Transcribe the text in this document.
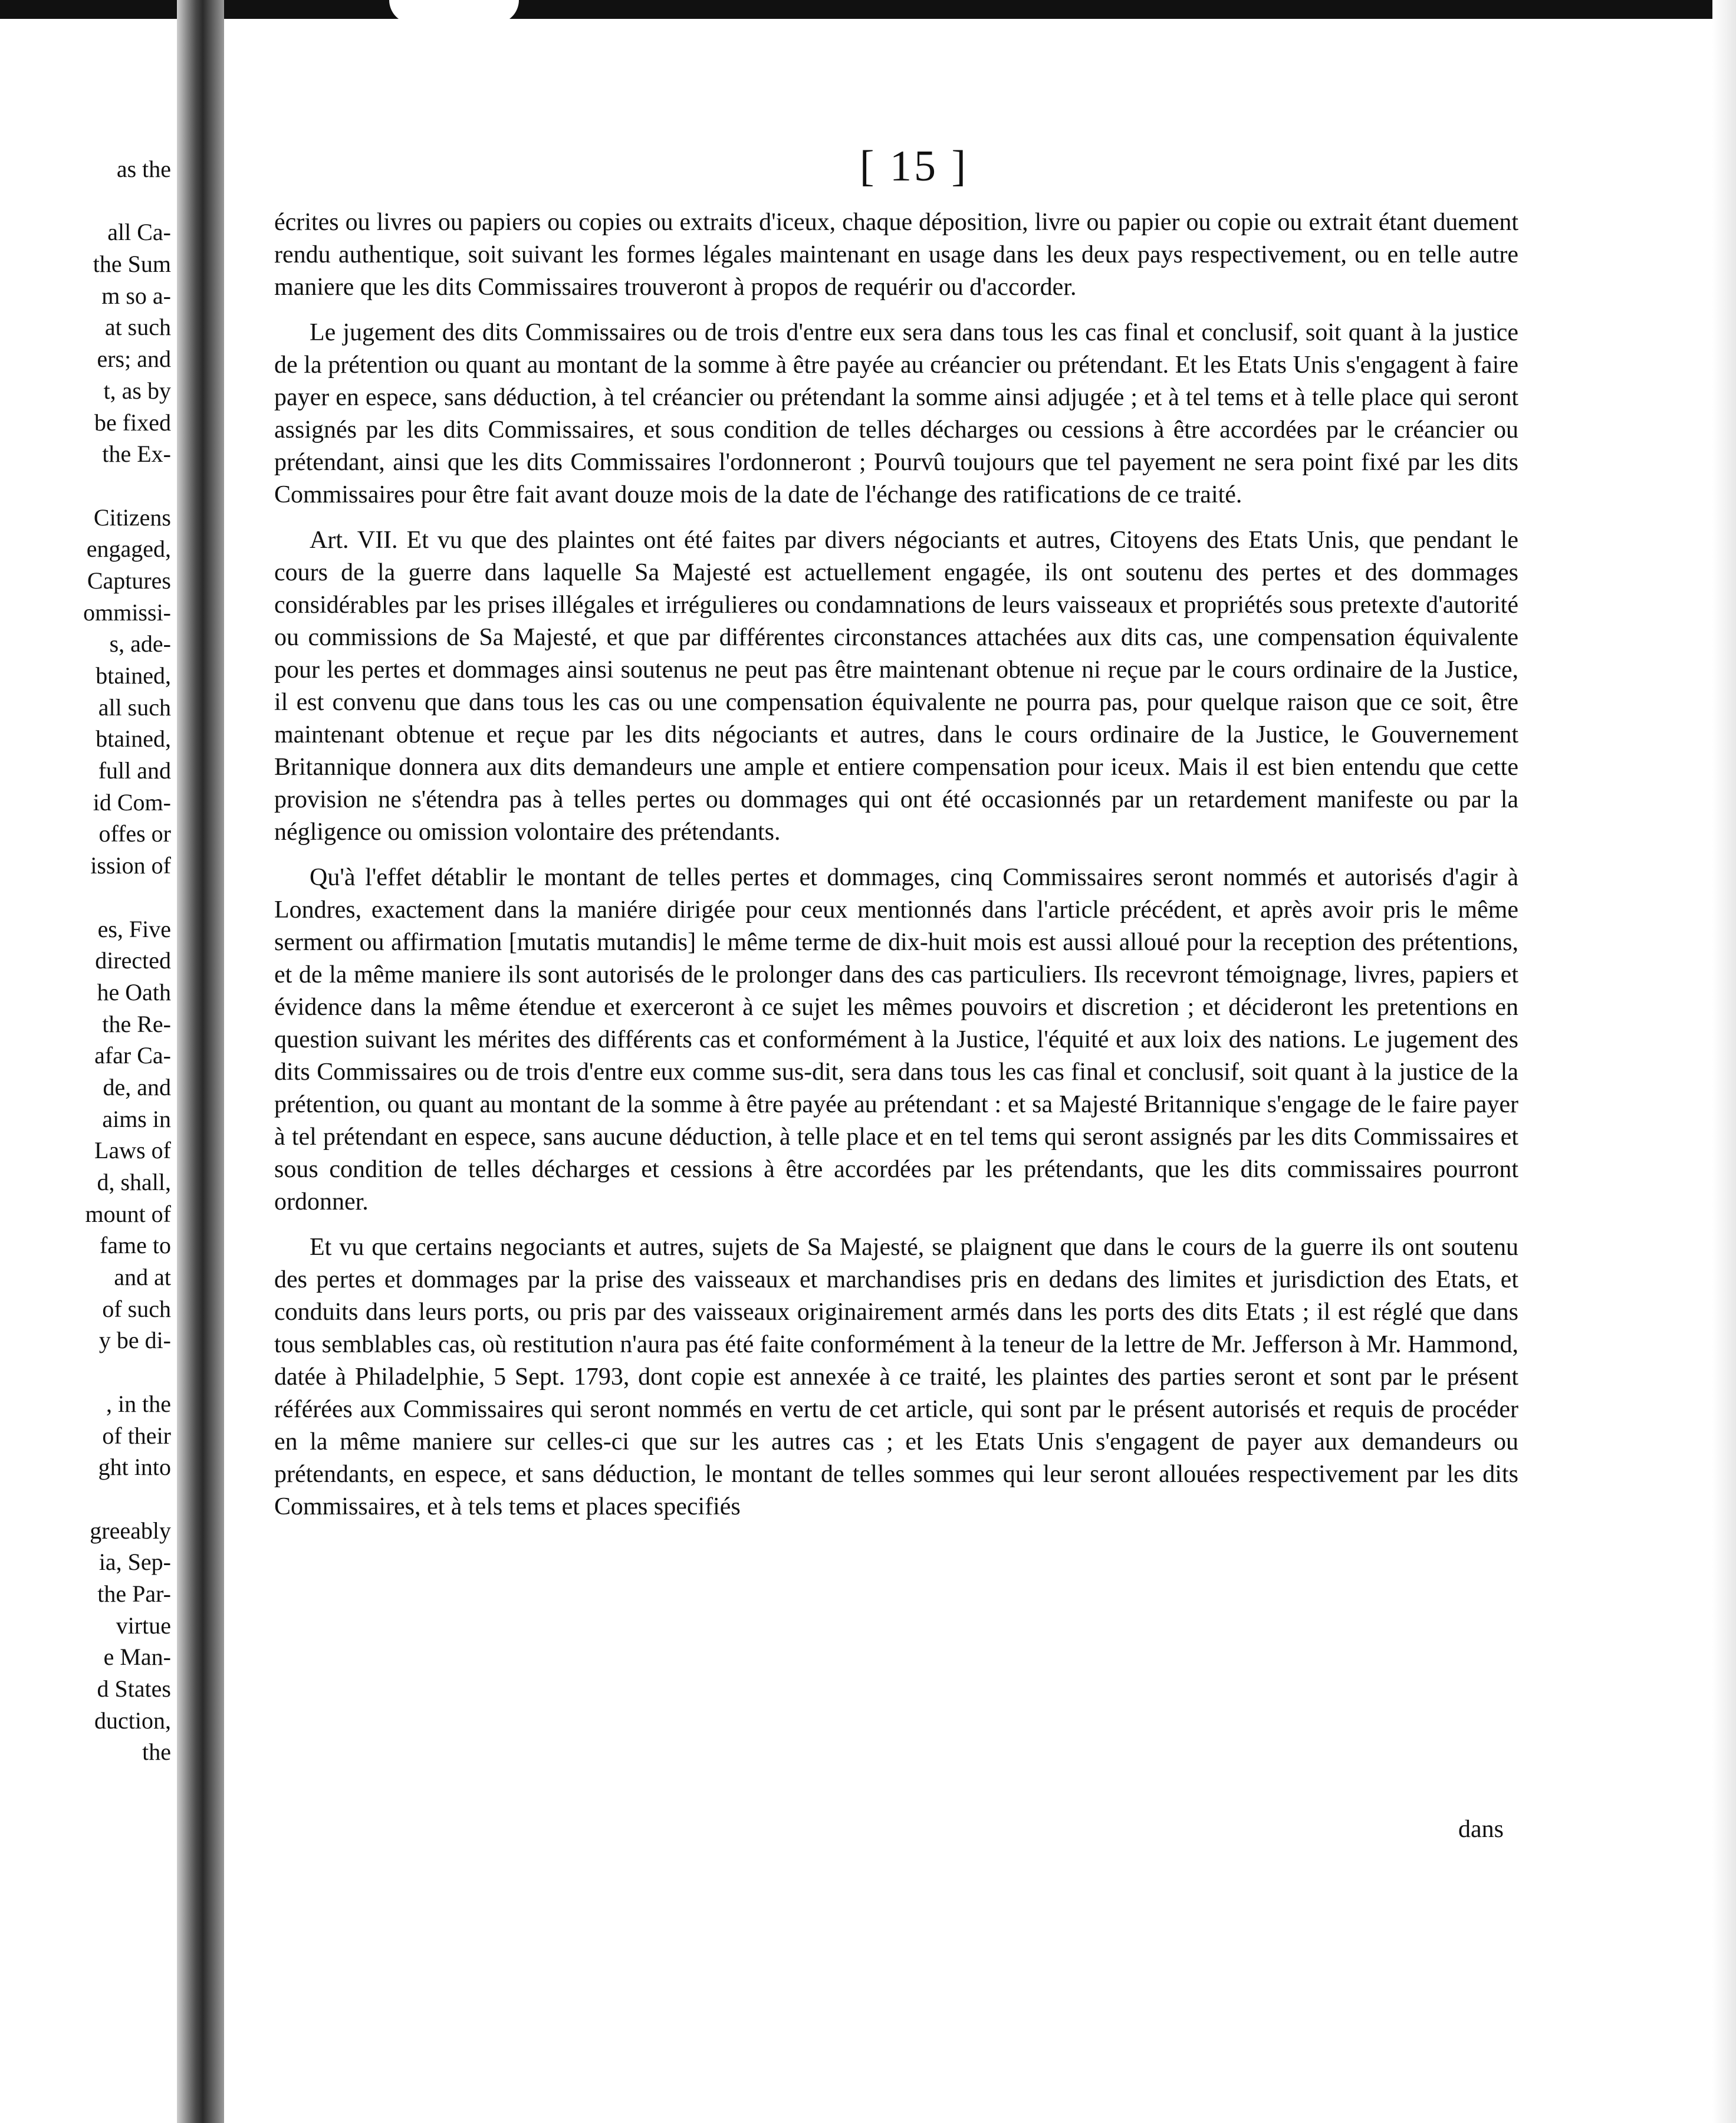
as the
all Ca-
the Sum
m so a-
at such
ers; and
t, as by
be fixed
the Ex-
Citizens
engaged,
Captures
ommissi-
s, ade-
btained,
all such
btained,
full and
id Com-
offes or
ission of
es, Five
directed
he Oath
the Re-
afar Ca-
de, and
aims in
Laws of
d, shall,
mount of
fame to
and at
of such
y be di-
, in the
of their
ght into
greeably
ia, Sep-
the Par-
virtue
e Man-
d States
duction,
the
[ 15 ]

écrites ou livres ou papiers ou copies ou extraits d'iceux, chaque déposition, livre ou papier ou copie ou extrait étant duement rendu authentique, soit suivant les formes légales maintenant en usage dans les deux pays respectivement, ou en telle autre maniere que les dits Commissaires trouveront à propos de requérir ou d'accorder.

Le jugement des dits Commissaires ou de trois d'entre eux sera dans tous les cas final et conclusif, soit quant à la justice de la prétention ou quant au montant de la somme à être payée au créancier ou prétendant. Et les Etats Unis s'engagent à faire payer en espece, sans déduction, à tel créancier ou prétendant la somme ainsi adjugée ; et à tel tems et à telle place qui seront assignés par les dits Commissaires, et sous condition de telles décharges ou cessions à être accordées par le créancier ou prétendant, ainsi que les dits Commissaires l'ordonneront ; Pourvû toujours que tel payement ne sera point fixé par les dits Commissaires pour être fait avant douze mois de la date de l'échange des ratifications de ce traité.

Art. VII. Et vu que des plaintes ont été faites par divers négociants et autres, Citoyens des Etats Unis, que pendant le cours de la guerre dans laquelle Sa Majesté est actuellement engagée, ils ont soutenu des pertes et des dommages considérables par les prises illégales et irrégulieres ou condamnations de leurs vaisseaux et propriétés sous pretexte d'autorité ou commissions de Sa Majesté, et que par différentes circonstances attachées aux dits cas, une compensation équivalente pour les pertes et dommages ainsi soutenus ne peut pas être maintenant obtenue ni reçue par le cours ordinaire de la Justice, il est convenu que dans tous les cas ou une compensation équivalente ne pourra pas, pour quelque raison que ce soit, être maintenant obtenue et reçue par les dits négociants et autres, dans le cours ordinaire de la Justice, le Gouvernement Britannique donnera aux dits demandeurs une ample et entiere compensation pour iceux. Mais il est bien entendu que cette provision ne s'étendra pas à telles pertes ou dommages qui ont été occasionnés par un retardement manifeste ou par la négligence ou omission volontaire des prétendants.

Qu'à l'effet détablir le montant de telles pertes et dommages, cinq Commissaires seront nommés et autorisés d'agir à Londres, exactement dans la maniére dirigée pour ceux mentionnés dans l'article précédent, et après avoir pris le même serment ou affirmation [mutatis mutandis] le même terme de dix-huit mois est aussi alloué pour la reception des prétentions, et de la même maniere ils sont autorisés de le prolonger dans des cas particuliers. Ils recevront témoignage, livres, papiers et évidence dans la même étendue et exerceront à ce sujet les mêmes pouvoirs et discretion ; et décideront les pretentions en question suivant les mérites des différents cas et conformément à la Justice, l'équité et aux loix des nations. Le jugement des dits Commissaires ou de trois d'entre eux comme sus-dit, sera dans tous les cas final et conclusif, soit quant à la justice de la prétention, ou quant au montant de la somme à être payée au prétendant : et sa Majesté Britannique s'engage de le faire payer à tel prétendant en espece, sans aucune déduction, à telle place et en tel tems qui seront assignés par les dits Commissaires et sous condition de telles décharges et cessions à être accordées par les prétendants, que les dits commissaires pourront ordonner.

Et vu que certains negociants et autres, sujets de Sa Majesté, se plaignent que dans le cours de la guerre ils ont soutenu des pertes et dommages par la prise des vaisseaux et marchandises pris en dedans des limites et jurisdiction des Etats, et conduits dans leurs ports, ou pris par des vaisseaux originairement armés dans les ports des dits Etats ; il est réglé que dans tous semblables cas, où restitution n'aura pas été faite conformément à la teneur de la lettre de Mr. Jefferson à Mr. Hammond, datée à Philadelphie, 5 Sept. 1793, dont copie est annexée à ce traité, les plaintes des parties seront et sont par le présent référées aux Commissaires qui seront nommés en vertu de cet article, qui sont par le présent autorisés et requis de procéder en la même maniere sur celles-ci que sur les autres cas ; et les Etats Unis s'engagent de payer aux demandeurs ou prétendants, en espece, et sans déduction, le montant de telles sommes qui leur seront allouées respectivement par les dits Commissaires, et à tels tems et places specifiés

dans
